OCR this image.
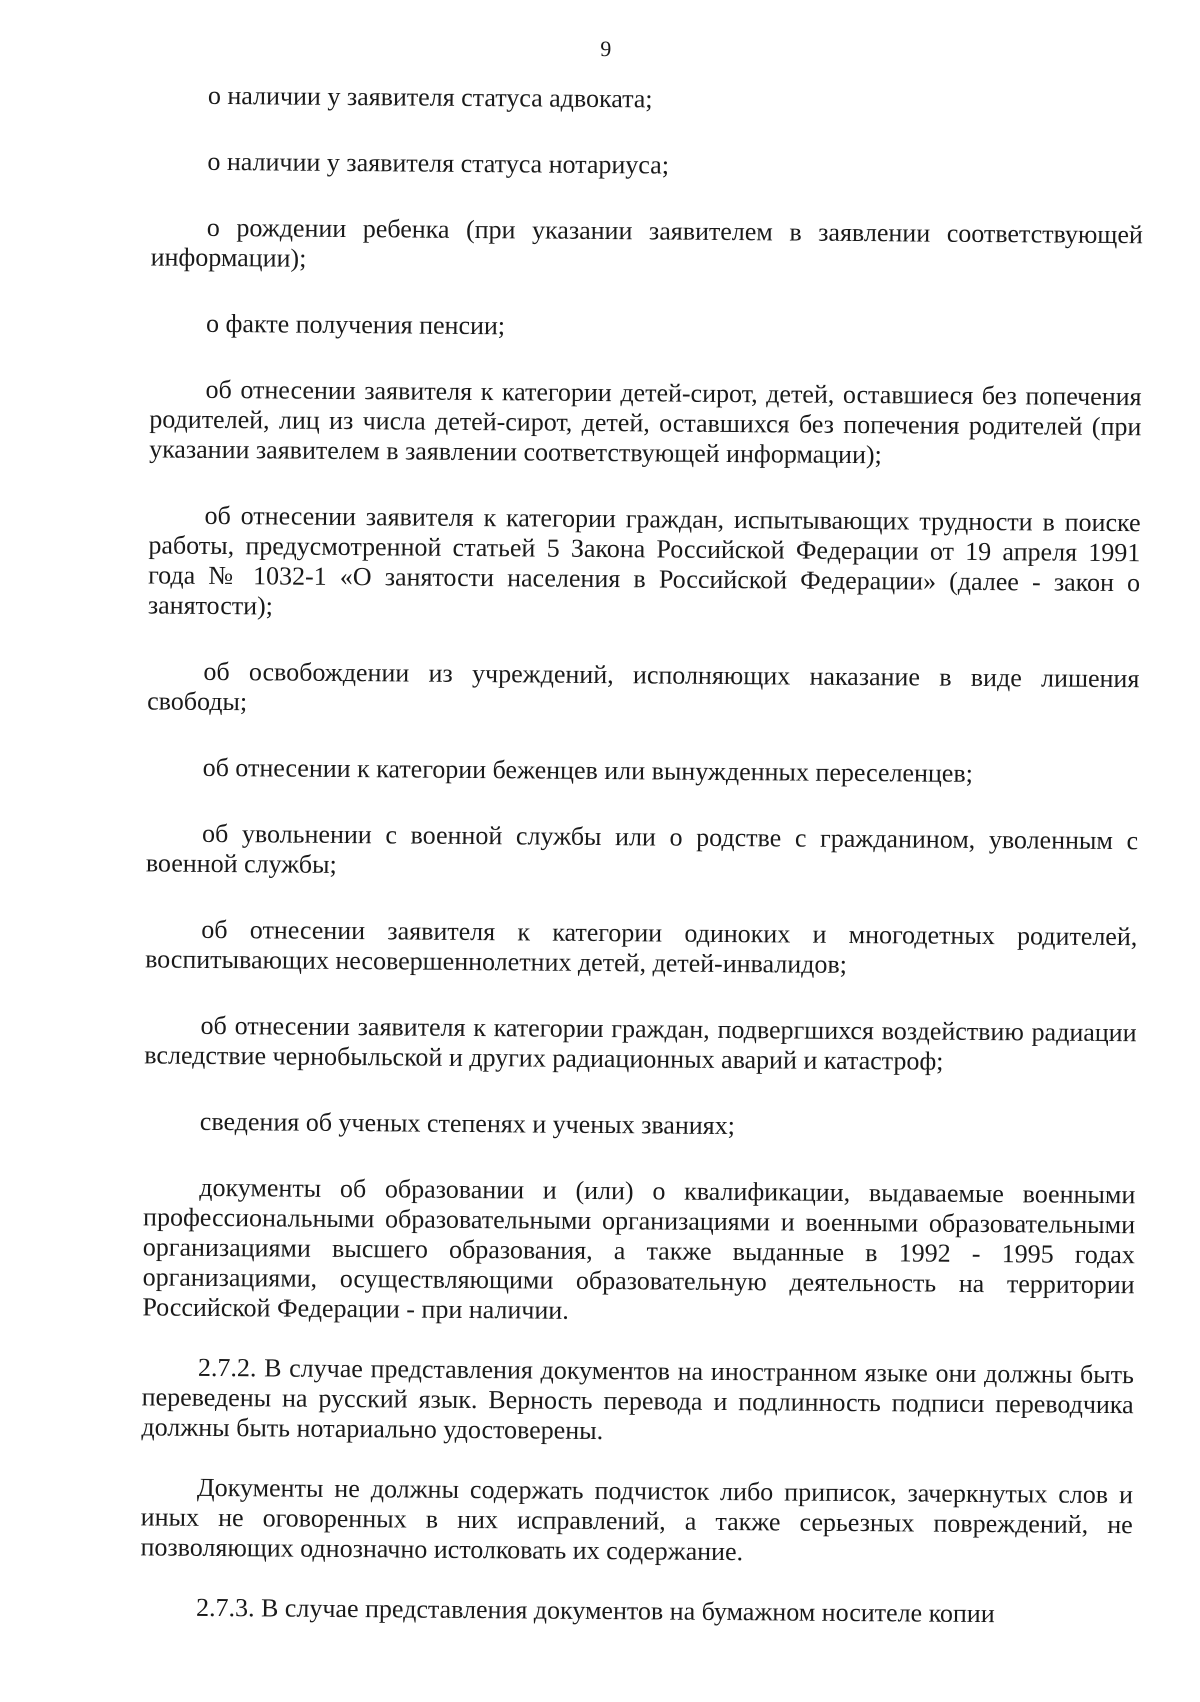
9

о наличии у заявителя статуса адвоката;

о наличии у заявителя статуса нотариуса;

о рождении ребенка (при указании заявителем в заявлении соответствующей информации);

о факте получения пенсии;

об отнесении заявителя к категории детей-сирот, детей, оставшиеся без попечения родителей, лиц из числа детей-сирот, детей, оставшихся без попечения родителей (при указании заявителем в заявлении соответствующей информации);

об отнесении заявителя к категории граждан, испытывающих трудности в поиске работы, предусмотренной статьей 5 Закона Российской Федерации от 19 апреля 1991 года № 1032-1 «О занятости населения в Российской Федерации» (далее - закон о занятости);

об освобождении из учреждений, исполняющих наказание в виде лишения свободы;

об отнесении к категории беженцев или вынужденных переселенцев;

об увольнении с военной службы или о родстве с гражданином, уволенным с военной службы;

об отнесении заявителя к категории одиноких и многодетных родителей, воспитывающих несовершеннолетних детей, детей-инвалидов;

об отнесении заявителя к категории граждан, подвергшихся воздействию радиации вследствие чернобыльской и других радиационных аварий и катастроф;

сведения об ученых степенях и ученых званиях;

документы об образовании и (или) о квалификации, выдаваемые военными профессиональными образовательными организациями и военными образовательными организациями высшего образования, а также выданные в 1992 - 1995 годах организациями, осуществляющими образовательную деятельность на территории Российской Федерации - при наличии.

2.7.2. В случае представления документов на иностранном языке они должны быть переведены на русский язык. Верность перевода и подлинность подписи переводчика должны быть нотариально удостоверены.

Документы не должны содержать подчисток либо приписок, зачеркнутых слов и иных не оговоренных в них исправлений, а также серьезных повреждений, не позволяющих однозначно истолковать их содержание.

2.7.3. В случае представления документов на бумажном носителе копии
